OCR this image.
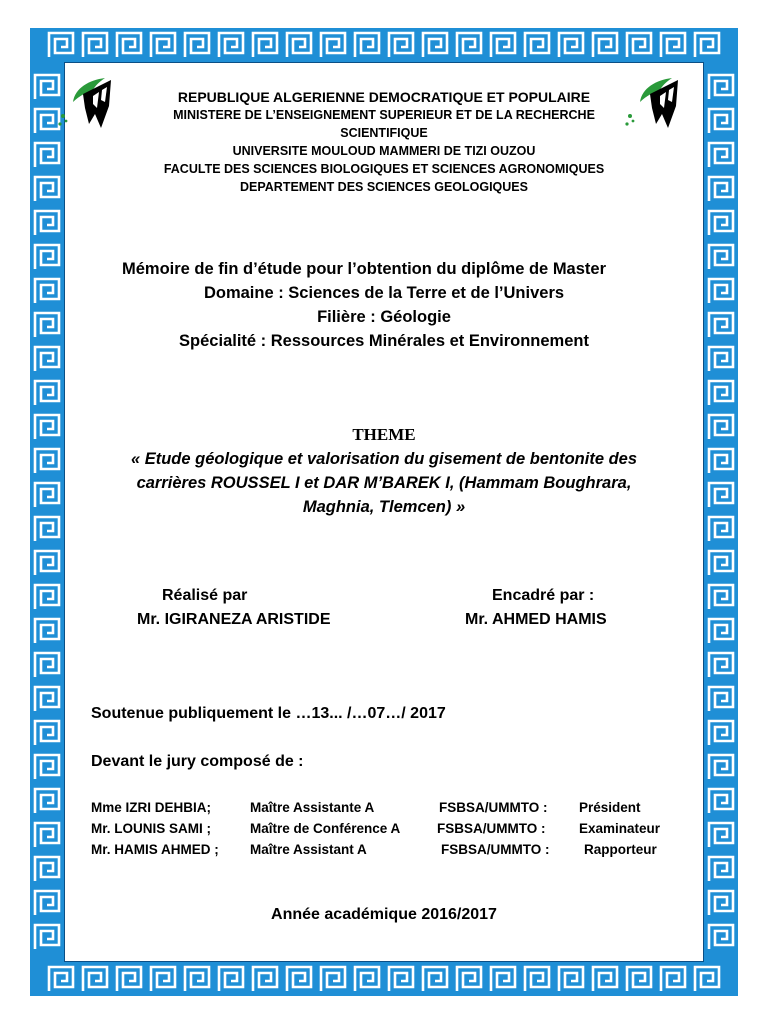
REPUBLIQUE ALGERIENNE DEMOCRATIQUE ET POPULAIRE
MINISTERE DE L’ENSEIGNEMENT SUPERIEUR ET DE LA RECHERCHE
SCIENTIFIQUE
UNIVERSITE MOULOUD MAMMERI DE TIZI OUZOU
FACULTE DES SCIENCES BIOLOGIQUES ET SCIENCES AGRONOMIQUES
DEPARTEMENT DES SCIENCES GEOLOGIQUES
Mémoire de fin d’étude pour l’obtention du diplôme de Master
Domaine : Sciences de la Terre et de l’Univers
Filière : Géologie
Spécialité : Ressources Minérales et Environnement
THEME
« Etude géologique et valorisation du gisement de bentonite des
carrières ROUSSEL I et DAR M’BAREK I, (Hammam Boughrara,
Maghnia, Tlemcen) »
Réalisé par
Mr. IGIRANEZA ARISTIDE
Encadré par :
Mr. AHMED HAMIS
Soutenue publiquement le …13... /…07…/ 2017
Devant le jury composé de :
Mme IZRI DEHBIA;	Maître Assistante A	FSBSA/UMMTO : Président
Mr. LOUNIS SAMI ;	Maître de Conférence A	FSBSA/UMMTO : Examinateur
Mr. HAMIS AHMED ; Maître Assistant A	FSBSA/UMMTO :	Rapporteur
Année académique 2016/2017
